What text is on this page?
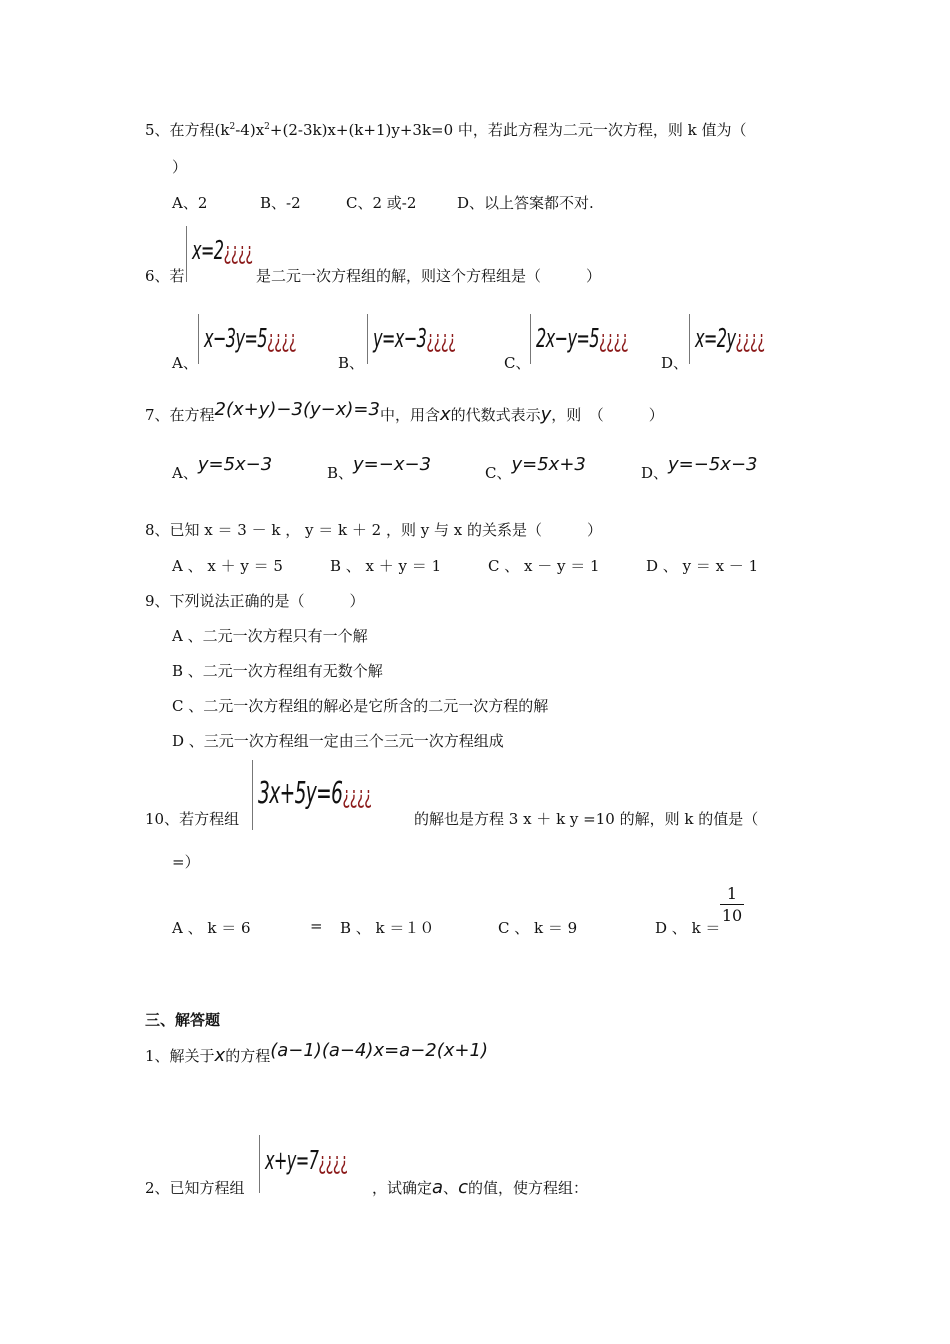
5、在方程$(k^2-4)x^2+(2-3k)x+(k+1)y+3k=0$ 中，若此方程为二元一次方程，则 k 值为（
）
A、2	B、-2	C、2 或-2	D、以上答案都不对.
6、若
x=2¿¿¿¿
是二元一次方程组的解，则这个方程组是（　　　）
A、
x−3y=5¿¿¿¿
B、
y=x−3¿¿¿¿
C、
2x−y=5¿¿¿¿
D、
x=2y¿¿¿¿
7、在方程2(x+y)−3(y−x)=3中，用含x的代数式表示y，则　（　　　）
A、y=5x−3	B、y=−x−3	C、y=5x+3	D、y=−5x−3
8、已知 x ＝ 3 － k ， y ＝ k ＋ 2 ，则 y 与 x 的关系是（　　　）
A 、 x ＋ y ＝ 5	B 、 x ＋ y ＝ 1	C 、 x － y ＝ 1	D 、 y ＝ x － 1
9、下列说法正确的是（　　　）
A 、二元一次方程只有一个解
B 、二元一次方程组有无数个解
C 、二元一次方程组的解必是它所含的二元一次方程的解
D 、三元一次方程组一定由三个三元一次方程组成
10、若方程组
3x+5y=6¿¿¿¿
的解也是方程 3 x ＋ k y =10 的解，则 k 的值是（
=）
A 、 k ＝ 6	= B 、 k ＝１０	C 、 k ＝ 9	D 、 k ＝
1
10
三、解答题
1、解关于x的方程(a−1)(a−4)x=a−2(x+1)
2、已知方程组
x+y=7¿¿¿¿
，试确定a、c的值，使方程组：
